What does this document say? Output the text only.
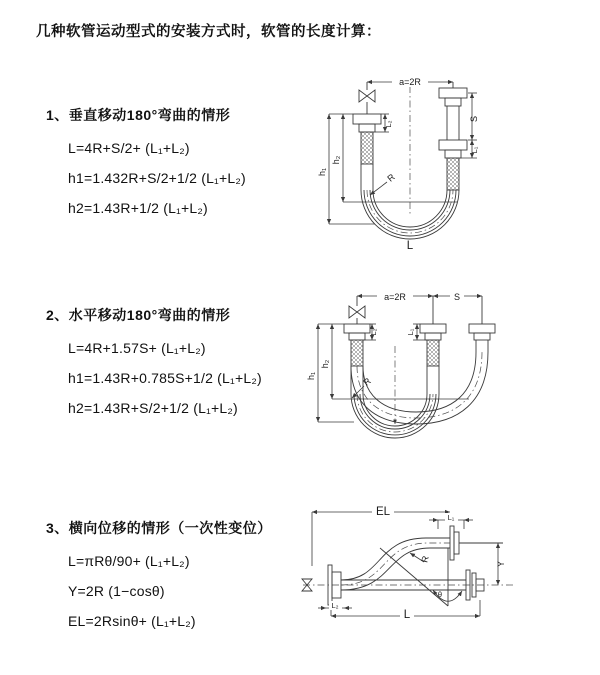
几种软管运动型式的安装方式时，软管的长度计算：
1、垂直移动180°弯曲的情形
L=4R+S/2+ (L₁+L₂)
h1=1.432R+S/2+1/2 (L₁+L₂)
h2=1.43R+1/2 (L₁+L₂)
2、水平移动180°弯曲的情形
L=4R+1.57S+ (L₁+L₂)
h1=1.43R+0.785S+1/2 (L₁+L₂)
h2=1.43R+S/2+1/2 (L₁+L₂)
3、横向位移的情形（一次性变位）
L=πRθ/90+ (L₁+L₂)
Y=2R (1−cosθ)
EL=2Rsinθ+ (L₁+L₂)
a=2R
S
L₁
L₂
h₂
h₁	R
L
a=2R	S
L₂	L₁
h₂
h₁	R
EL	L₁
Y
R
θ
L₂
L
